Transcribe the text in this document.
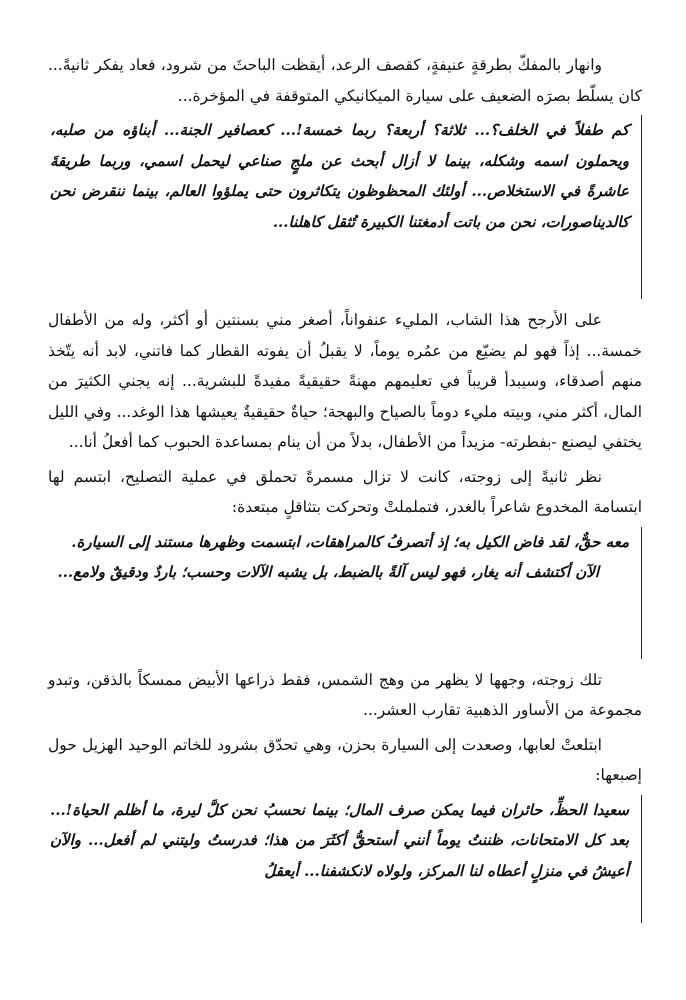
وانهار بالمفكّ بطرقةٍ عنيفةٍ، كقصف الرعد، أيقظت الباحثَ من شرود، فعاد يفكر ثانيةً... كان يسلّط بصرَه الضعيف على سيارة الميكانيكي المتوقفة في المؤخرة...

كم طفلاً في الخلف؟... ثلاثة؟ أربعة؟ ربما خمسة!... كعصافير الجنة... أبناؤه من صلبه، ويحملون اسمه وشكله، بينما لا أزال أبحث عن ملجٍ صناعي ليحمل اسمي، وربما طريقةَ عاشرةً في الاستخلاص... أولئك المحظوظون يتكاثرون حتى يملؤوا العالم، بينما ننقرض نحن كالديناصورات، نحن من باتت أدمغتنا الكبيرة تُثقل كاهلنا...

على الأرجح هذا الشاب، المليء عنفواناً، أصغر مني بسنتين أو أكثر، وله من الأطفال خمسة... إذاً فهو لم يضيّع من عمُره يوماً، لا يقبلُ أن يفوته القطار كما فاتني، لابد أنه يتّخذ منهم أصدقاء، وسيبدأ قريباً في تعليمهم مهنةً حقيقيةً مفيدةً للبشرية... إنه يجني الكثيرَ من المال، أكثر مني، وبيته مليء دوماً بالصياح والبهجة؛ حياةٌ حقيقيةٌ يعيشها هذا الوغد... وفي الليل يختفي ليصنع -بفطرته- مزيداً من الأطفال، بدلاً من أن ينام بمساعدة الحبوب كما أفعلُ أنا...

نظر ثانيةً إلى زوجته، كانت لا تزال مسمرةً تحملق في عملية التصليح، ابتسم لها ابتسامة المخدوع شاعراً بالغدر، فتململتْ وتحركت بتثاقلٍ مبتعدة:

معه حقٌّ، لقد فاض الكيل به؛ إذ أتصرفُ كالمراهقات، ابتسمت وظهرها مستند إلى السيارة.

الآن أكتشف أنه يغار، فهو ليس آلةً بالضبط، بل يشبه الآلات وحسب؛ باردٌ ودقيقٌ ولامع...

تلك زوجته، وجهها لا يظهر من وهج الشمس، فقط ذراعها الأبيض ممسكاً بالذقن، وتبدو مجموعة من الأساور الذهبية تقارب العشر...

ابتلعتْ لعابها، وصعدت إلى السيارة بحزن، وهي تحدّق بشرود للخاتم الوحيد الهزيل حول إصبعها:

سعيدا الحظِّ، حائران فيما يمكن صرف المال؛ بينما نحسبُ نحن كلَّ ليرة، ما أظلم الحياة!... بعد كل الامتحانات، ظننتُ يوماً أنني أستحقُّ أكثَرَ من هذا؛ فدرستُ وليتني لم أفعل... والآن أعيشُ في منزلٍ أعطاه لنا المركز، ولولاه لانكشفنا... أيعقلُ
